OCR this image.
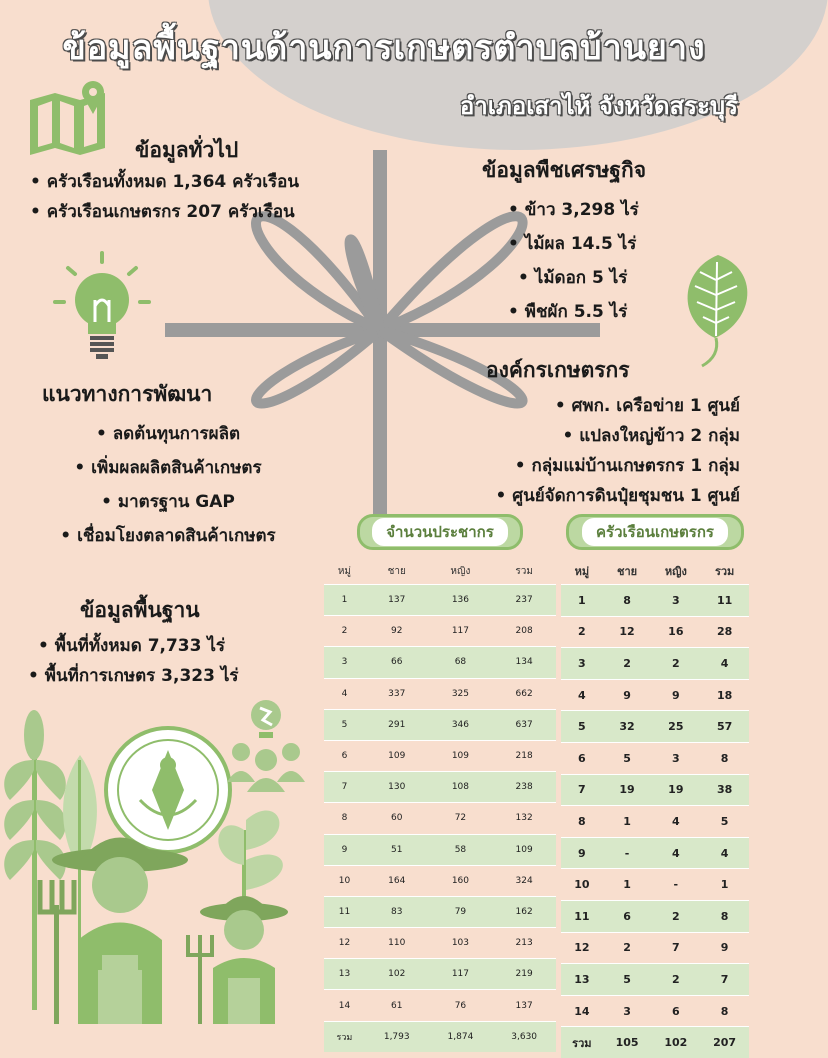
ข้อมูลพื้นฐานด้านการเกษตรตำบลบ้านยาง
อำเภอเสาไห้ จังหวัดสระบุรี
ข้อมูลทั่วไป
• ครัวเรือนทั้งหมด 1,364 ครัวเรือน
• ครัวเรือนเกษตรกร 207 ครัวเรือน
ข้อมูลพืชเศรษฐกิจ
• ข้าว 3,298 ไร่
• ไม้ผล 14.5 ไร่
• ไม้ดอก 5 ไร่
• พืชผัก 5.5 ไร่
องค์กรเกษตรกร
• ศพก. เครือข่าย 1 ศูนย์
• แปลงใหญ่ข้าว 2 กลุ่ม
• กลุ่มแม่บ้านเกษตรกร 1 กลุ่ม
• ศูนย์จัดการดินปุ๋ยชุมชน 1 ศูนย์
แนวทางการพัฒนา
• ลดต้นทุนการผลิต
• เพิ่มผลผลิตสินค้าเกษตร
• มาตรฐาน GAP
• เชื่อมโยงตลาดสินค้าเกษตร
ข้อมูลพื้นฐาน
• พื้นที่ทั้งหมด 7,733 ไร่
• พื้นที่การเกษตร 3,323 ไร่
จำนวนประชากร
หมู่	ชาย	หญิง	รวม
1	137	136	237
2	92	117	208
3	66	68	134
4	337	325	662
5	291	346	637
6	109	109	218
7	130	108	238
8	60	72	132
9	51	58	109
10	164	160	324
11	83	79	162
12	110	103	213
13	102	117	219
14	61	76	137
รวม	1,793	1,874	3,630
ครัวเรือนเกษตรกร
หมู่	ชาย	หญิง	รวม
1	8	3	11
2	12	16	28
3	2	2	4
4	9	9	18
5	32	25	57
6	5	3	8
7	19	19	38
8	1	4	5
9	-	4	4
10	1	-	1
11	6	2	8
12	2	7	9
13	5	2	7
14	3	6	8
รวม	105	102	207
